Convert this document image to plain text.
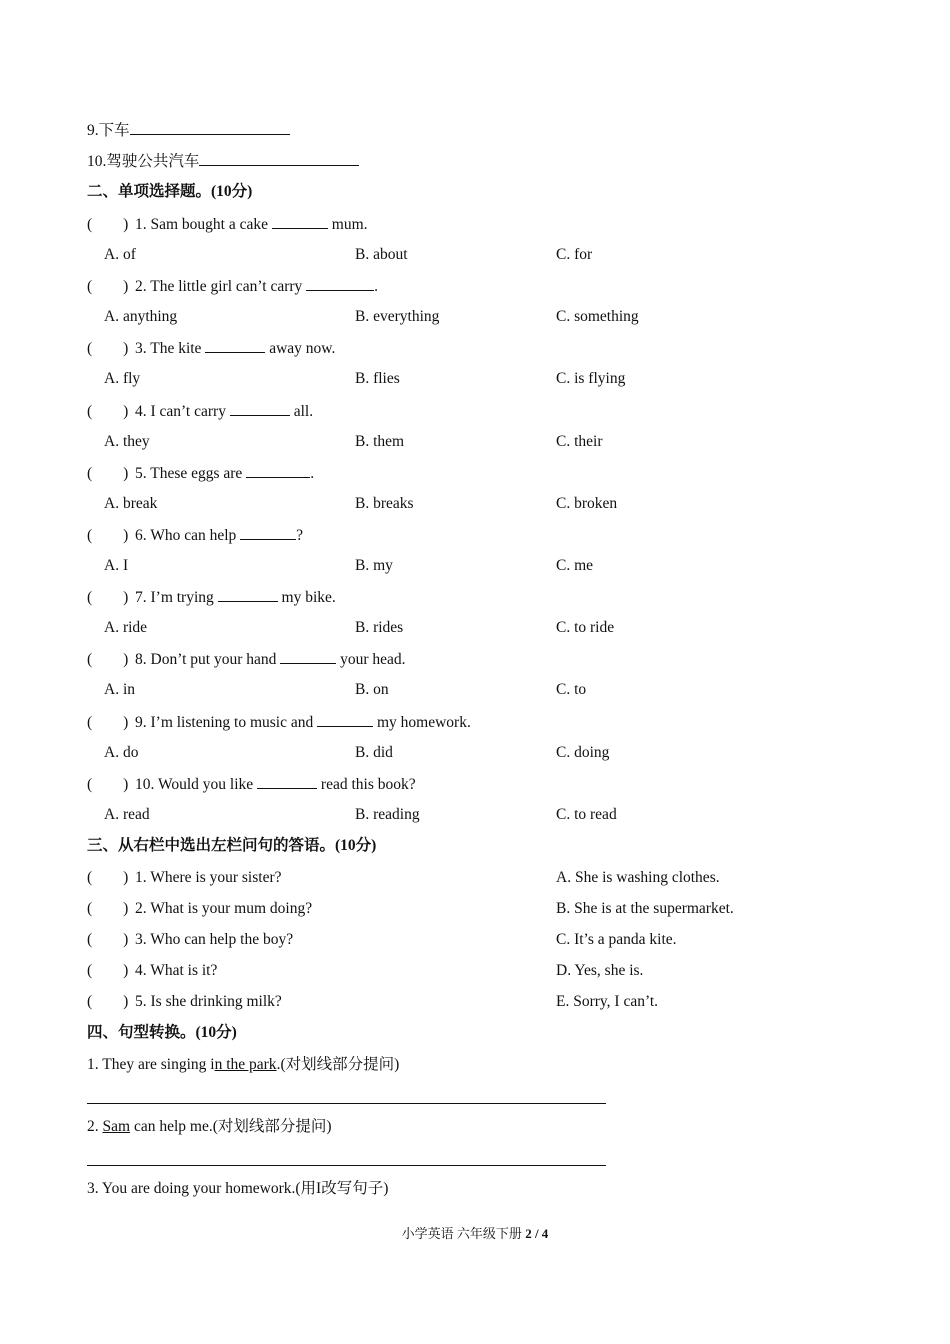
9.下车
10.驾驶公共汽车
二、单项选择题。(10分)
(　　) 1. Sam bought a cake	mum.
A. of	B. about	C. for
(　　) 2. The little girl can’t carry	.
A. anything	B. everything	C. something
(　　) 3. The kite	away now.
A. fly	B. flies	C. is flying
(　　) 4. I can’t carry	all.
A. they	B. them	C. their
(　　) 5. These eggs are	.
A. break	B. breaks	C. broken
(　　) 6. Who can help	?
A. I	B. my	C. me
(　　) 7. I’m trying	my bike.
A. ride	B. rides	C. to ride
(　　) 8. Don’t put your hand	your head.
A. in	B. on	C. to
(　　) 9. I’m listening to music and	my homework.
A. do	B. did	C. doing
(　　) 10. Would you like	read this book?
A. read	B. reading	C. to read
三、从右栏中选出左栏问句的答语。(10分)
(　　) 1. Where is your sister?	A. She is washing clothes.
(　　) 2. What is your mum doing?	B. She is at the supermarket.
(　　) 3. Who can help the boy?	C. It’s a panda kite.
(　　) 4. What is it?	D. Yes, she is.
(　　) 5. Is she drinking milk?	E. Sorry, I can’t.
四、句型转换。(10分)
1. They are singing in the park.(对划线部分提问)
2. Sam can help me.(对划线部分提问)
3. You are doing your homework.(用I改写句子)
小学英语 六年级下册 2 / 4
